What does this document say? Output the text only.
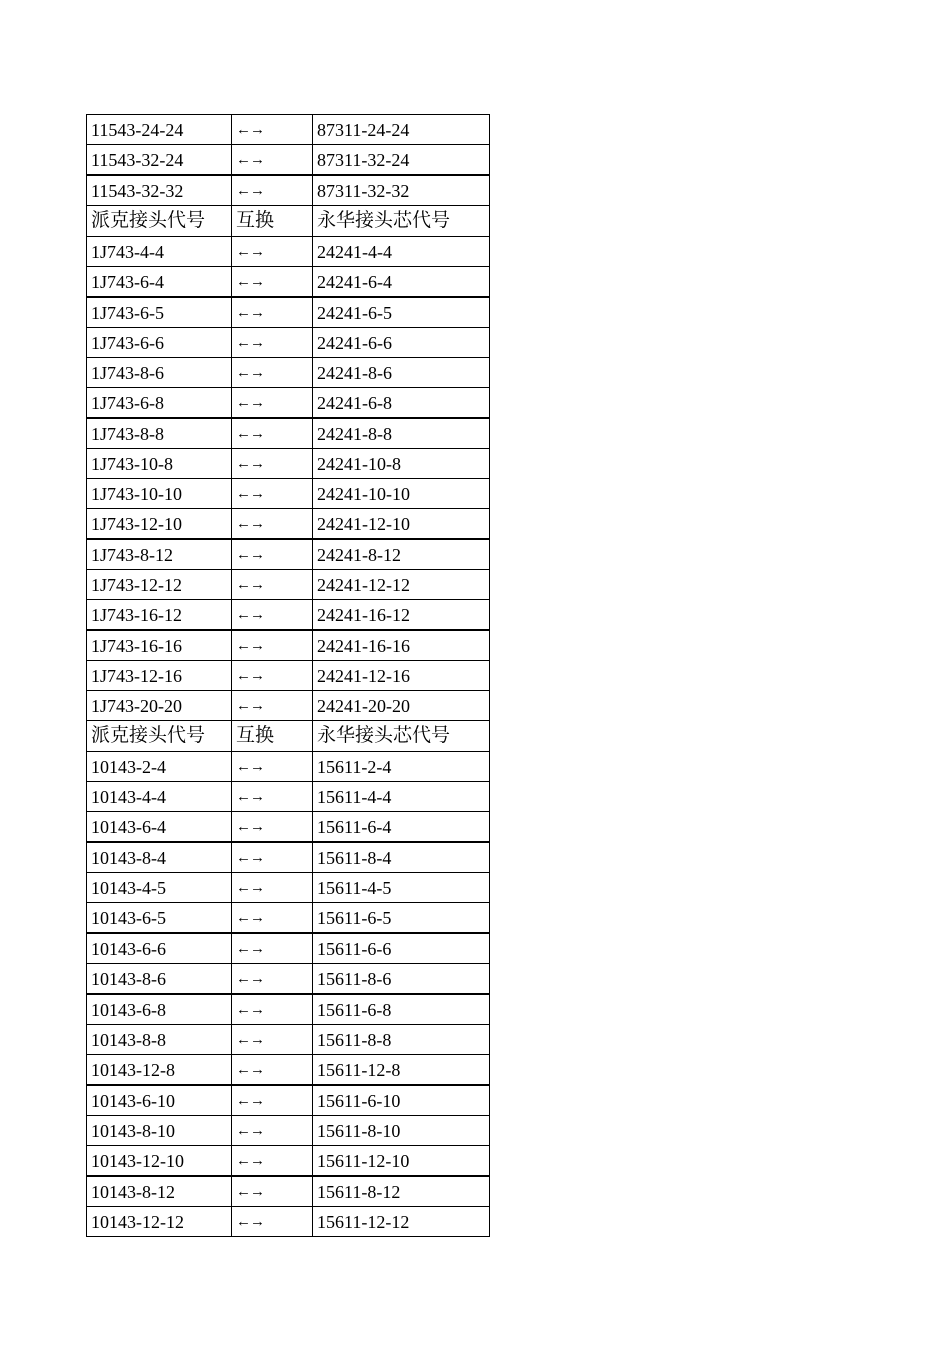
11543-24-24	←→	87311-24-24
11543-32-24	←→	87311-32-24
11543-32-32	←→	87311-32-32
派克接头代号	互换	永华接头芯代号
1J743-4-4	←→	24241-4-4
1J743-6-4	←→	24241-6-4
1J743-6-5	←→	24241-6-5
1J743-6-6	←→	24241-6-6
1J743-8-6	←→	24241-8-6
1J743-6-8	←→	24241-6-8
1J743-8-8	←→	24241-8-8
1J743-10-8	←→	24241-10-8
1J743-10-10	←→	24241-10-10
1J743-12-10	←→	24241-12-10
1J743-8-12	←→	24241-8-12
1J743-12-12	←→	24241-12-12
1J743-16-12	←→	24241-16-12
1J743-16-16	←→	24241-16-16
1J743-12-16	←→	24241-12-16
1J743-20-20	←→	24241-20-20
派克接头代号	互换	永华接头芯代号
10143-2-4	←→	15611-2-4
10143-4-4	←→	15611-4-4
10143-6-4	←→	15611-6-4
10143-8-4	←→	15611-8-4
10143-4-5	←→	15611-4-5
10143-6-5	←→	15611-6-5
10143-6-6	←→	15611-6-6
10143-8-6	←→	15611-8-6
10143-6-8	←→	15611-6-8
10143-8-8	←→	15611-8-8
10143-12-8	←→	15611-12-8
10143-6-10	←→	15611-6-10
10143-8-10	←→	15611-8-10
10143-12-10	←→	15611-12-10
10143-8-12	←→	15611-8-12
10143-12-12	←→	15611-12-12
